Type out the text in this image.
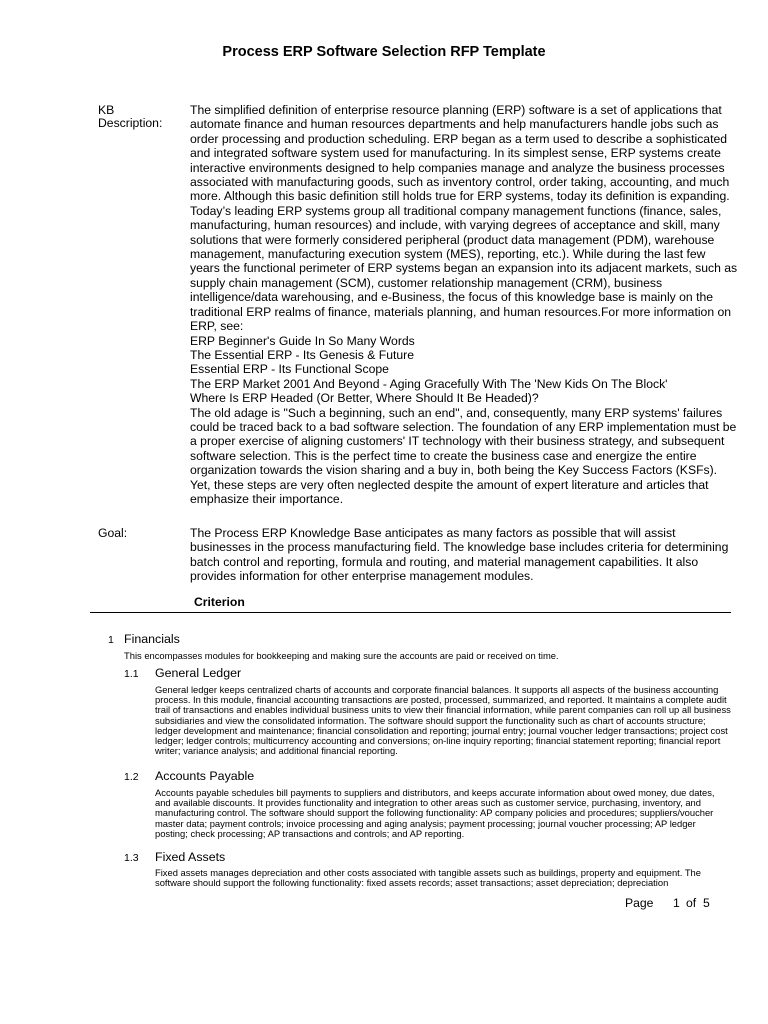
Process ERP Software Selection RFP Template
KB
Description:

The simplified definition of enterprise resource planning (ERP) software is a set of applications that automate finance and human resources departments and help manufacturers handle jobs such as order processing and production scheduling. ERP began as a term used to describe a sophisticated and integrated software system used for manufacturing. In its simplest sense, ERP systems create interactive environments designed to help companies manage and analyze the business processes associated with manufacturing goods, such as inventory control, order taking, accounting, and much more. Although this basic definition still holds true for ERP systems, today its definition is expanding.

Today’s leading ERP systems group all traditional company management functions (finance, sales, manufacturing, human resources) and include, with varying degrees of acceptance and skill, many solutions that were formerly considered peripheral (product data management (PDM), warehouse management, manufacturing execution system (MES), reporting, etc.). While during the last few years the functional perimeter of ERP systems began an expansion into its adjacent markets, such as supply chain management (SCM), customer relationship management (CRM), business intelligence/data warehousing, and e-Business, the focus of this knowledge base is mainly on the traditional ERP realms of finance, materials planning, and human resources.For more information on ERP, see:

ERP Beginner's Guide In So Many Words

The Essential ERP - Its Genesis & Future

Essential ERP - Its Functional Scope

The ERP Market 2001 And Beyond - Aging Gracefully With The 'New Kids On The Block'

Where Is ERP Headed (Or Better, Where Should It Be Headed)?

The old adage is "Such a beginning, such an end", and, consequently, many ERP systems' failures could be traced back to a bad software selection. The foundation of any ERP implementation must be a proper exercise of aligning customers' IT technology with their business strategy, and subsequent software selection. This is the perfect time to create the business case and energize the entire organization towards the vision sharing and a buy in, both being the Key Success Factors (KSFs). Yet, these steps are very often neglected despite the amount of expert literature and articles that emphasize their importance.

Goal:	The Process ERP Knowledge Base anticipates as many factors as possible that will assist businesses in the process manufacturing field. The knowledge base includes criteria for determining batch control and reporting, formula and routing, and material management capabilities. It also provides information for other enterprise management modules.
Criterion
1 Financials
This encompasses modules for bookkeeping and making sure the accounts are paid or received on time.
1.1 General Ledger
General ledger keeps centralized charts of accounts and corporate financial balances. It supports all aspects of the business accounting process. In this module, financial accounting transactions are posted, processed, summarized, and reported. It maintains a complete audit trail of transactions and enables individual business units to view their financial information, while parent companies can roll up all business subsidiaries and view the consolidated information. The software should support the functionality such as chart of accounts structure; ledger development and maintenance; financial consolidation and reporting; journal entry; journal voucher ledger transactions; project cost ledger; ledger controls; multicurrency accounting and conversions; on-line inquiry reporting; financial statement reporting; financial report writer; variance analysis; and additional financial reporting.
1.2 Accounts Payable
Accounts payable schedules bill payments to suppliers and distributors, and keeps accurate information about owed money, due dates, and available discounts. It provides functionality and integration to other areas such as customer service, purchasing, inventory, and manufacturing control. The software should support the following functionality: AP company policies and procedures; suppliers/voucher master data; payment controls; invoice processing and aging analysis; payment processing; journal voucher processing; AP ledger posting; check processing; AP transactions and controls; and AP reporting.
1.3 Fixed Assets
Fixed assets manages depreciation and other costs associated with tangible assets such as buildings, property and equipment. The software should support the following functionality: fixed assets records; asset transactions; asset depreciation; depreciation
Page 1 of 5
